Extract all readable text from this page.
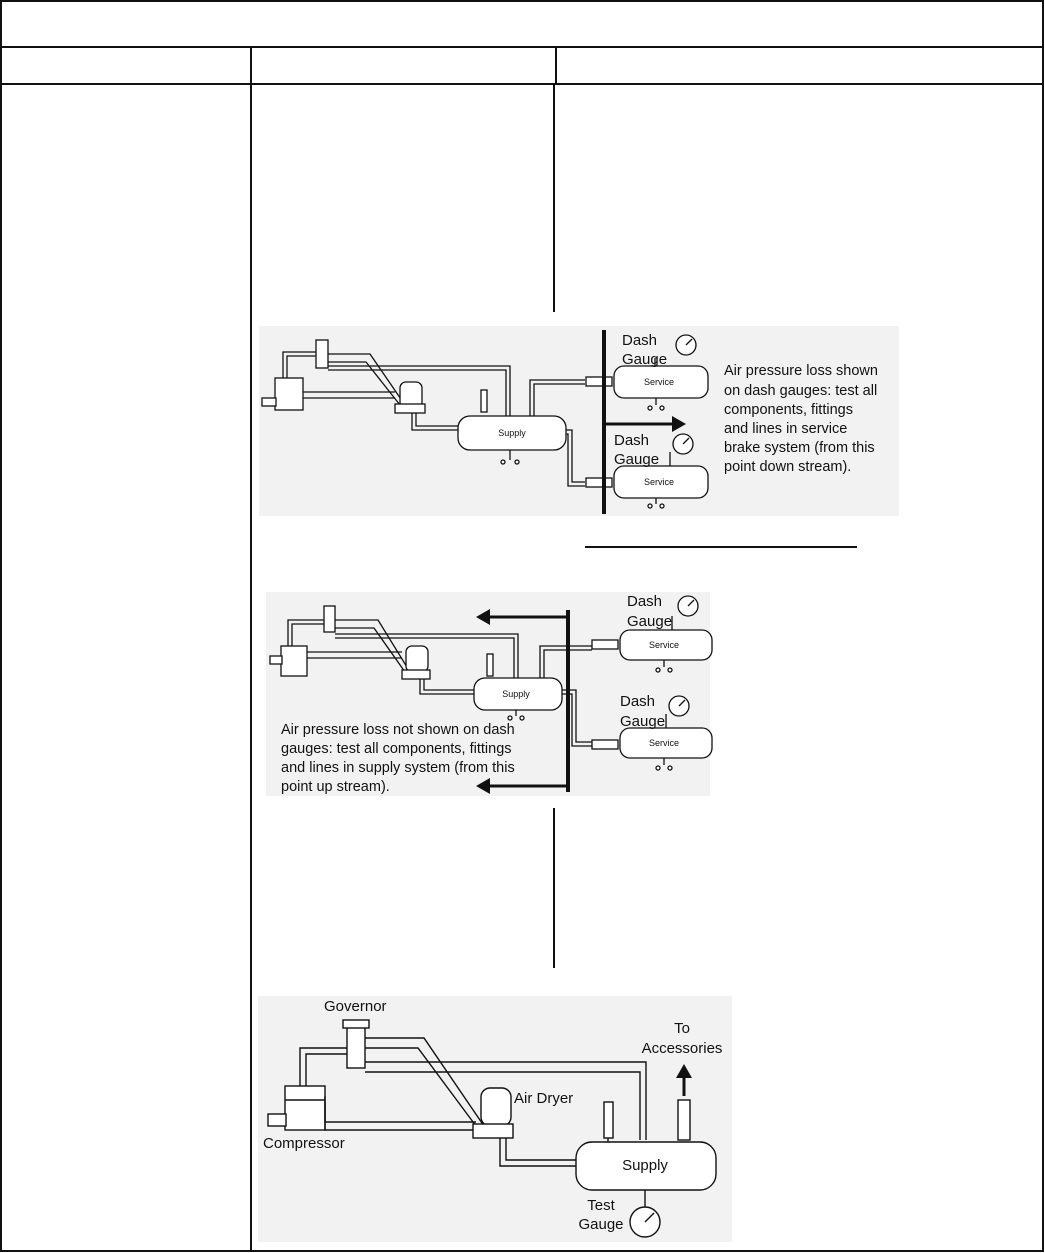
Supply
Service
Service
Dash
Gauge
Dash
Gauge
Air pressure loss shown
on dash gauges: test all
components, fittings
and lines in service
brake system (from this
point down stream).
Supply
Service
Service
Dash
Gauge
Dash
Gauge
Air pressure loss not shown on dash
gauges: test all components, fittings
and lines in supply system (from this
point up stream).
Governor
To
Accessories
Air Dryer
Compressor
Supply
Test
Gauge
